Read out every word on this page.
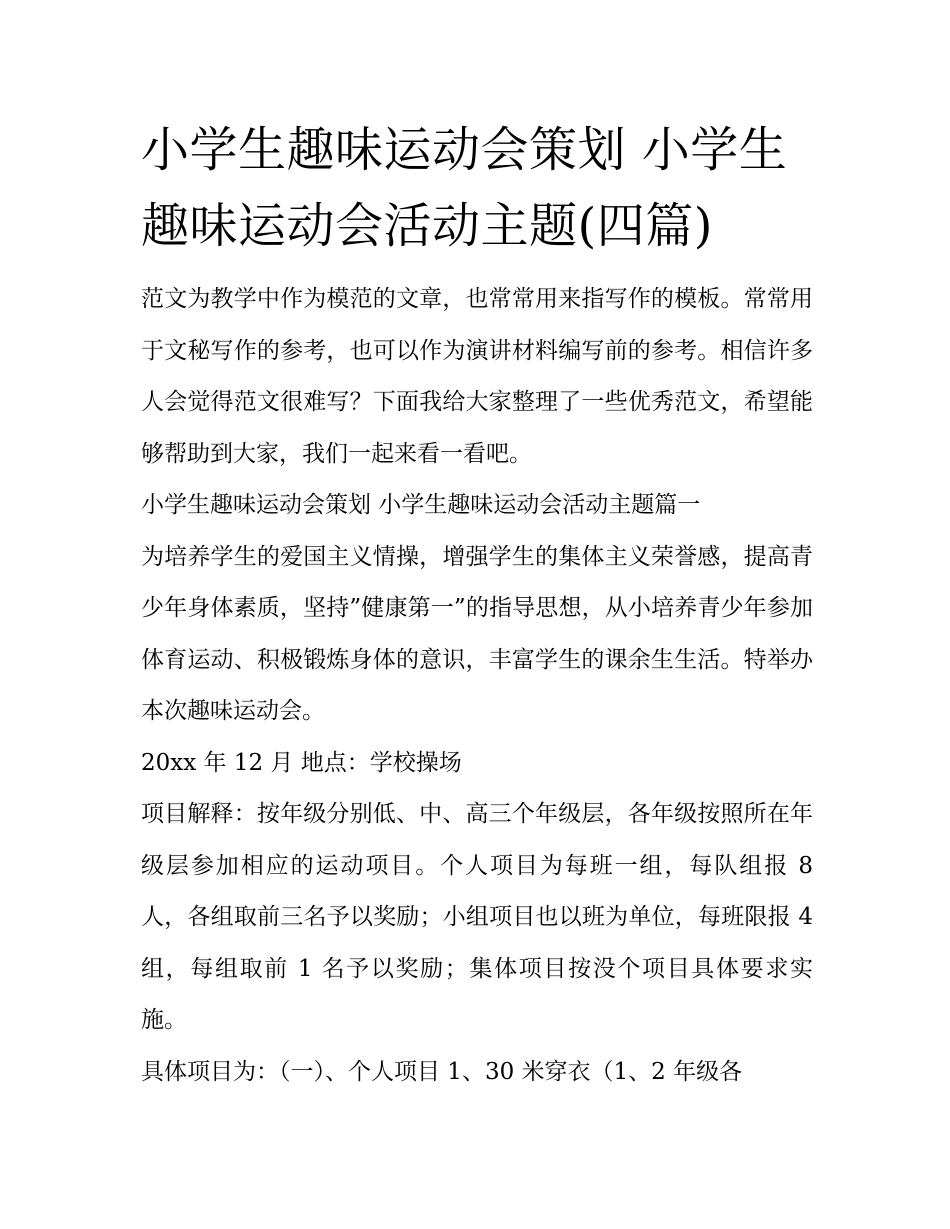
小学生趣味运动会策划 小学生趣味运动会活动主题(四篇)

范文为教学中作为模范的文章，也常常用来指写作的模板。常常用于文秘写作的参考，也可以作为演讲材料编写前的参考。相信许多人会觉得范文很难写？下面我给大家整理了一些优秀范文，希望能够帮助到大家，我们一起来看一看吧。

小学生趣味运动会策划 小学生趣味运动会活动主题篇一

为培养学生的爱国主义情操，增强学生的集体主义荣誉感，提高青少年身体素质，坚持”健康第一”的指导思想，从小培养青少年参加体育运动、积极锻炼身体的意识，丰富学生的课余生生活。特举办本次趣味运动会。

20xx 年 12 月 地点：学校操场

项目解释：按年级分别低、中、高三个年级层，各年级按照所在年级层参加相应的运动项目。个人项目为每班一组，每队组报 8 人，各组取前三名予以奖励；小组项目也以班为单位，每班限报 4 组，每组取前 1 名予以奖励；集体项目按没个项目具体要求实施。

具体项目为：（一）、个人项目 1、30 米穿衣（1、2 年级各
